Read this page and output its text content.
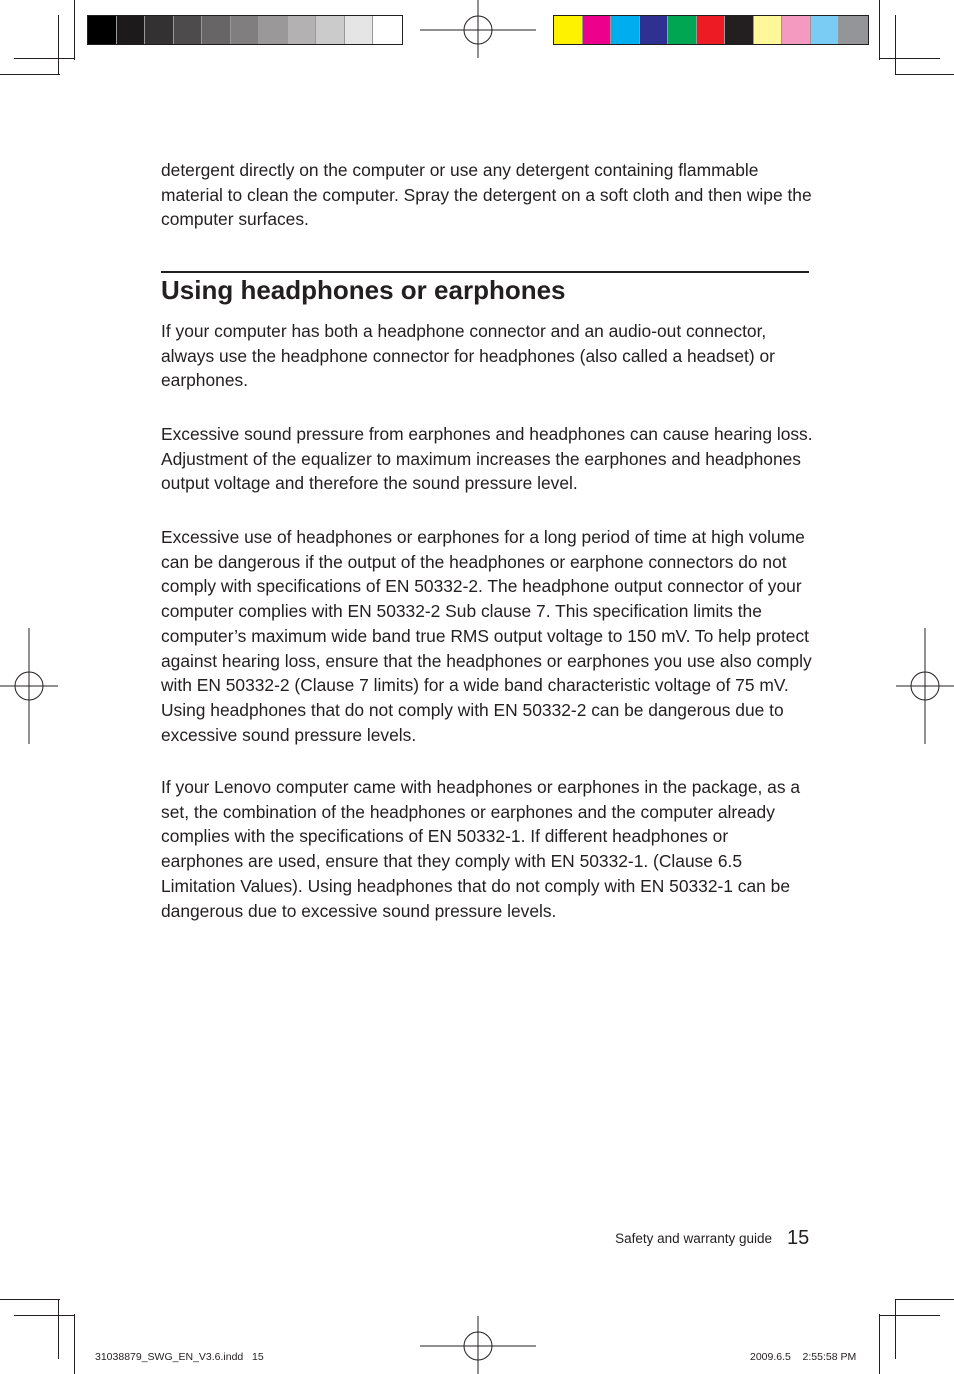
detergent directly on the computer or use any detergent containing flammable material to clean the computer. Spray the detergent on a soft cloth and then wipe the computer surfaces.

Using headphones or earphones

If your computer has both a headphone connector and an audio-out connector, always use the headphone connector for headphones (also called a headset) or earphones.

Excessive sound pressure from earphones and headphones can cause hearing loss. Adjustment of the equalizer to maximum increases the earphones and headphones output voltage and therefore the sound pressure level.

Excessive use of headphones or earphones for a long period of time at high volume can be dangerous if the output of the headphones or earphone connectors do not comply with specifications of EN 50332-2. The headphone output connector of your computer complies with EN 50332-2 Sub clause 7. This specification limits the computer’s maximum wide band true RMS output voltage to 150 mV. To help protect against hearing loss, ensure that the headphones or earphones you use also comply with EN 50332-2 (Clause 7 limits) for a wide band characteristic voltage of 75 mV. Using headphones that do not comply with EN 50332-2 can be dangerous due to excessive sound pressure levels.

If your Lenovo computer came with headphones or earphones in the package, as a set, the combination of the headphones or earphones and the computer already complies with the specifications of EN 50332-1. If different headphones or earphones are used, ensure that they comply with EN 50332-1. (Clause 6.5 Limitation Values). Using headphones that do not comply with EN 50332-1 can be dangerous due to excessive sound pressure levels.

Safety and warranty guide 15
31038879_SWG_EN_V3.6.indd   15	2009.6.5    2:55:58 PM
